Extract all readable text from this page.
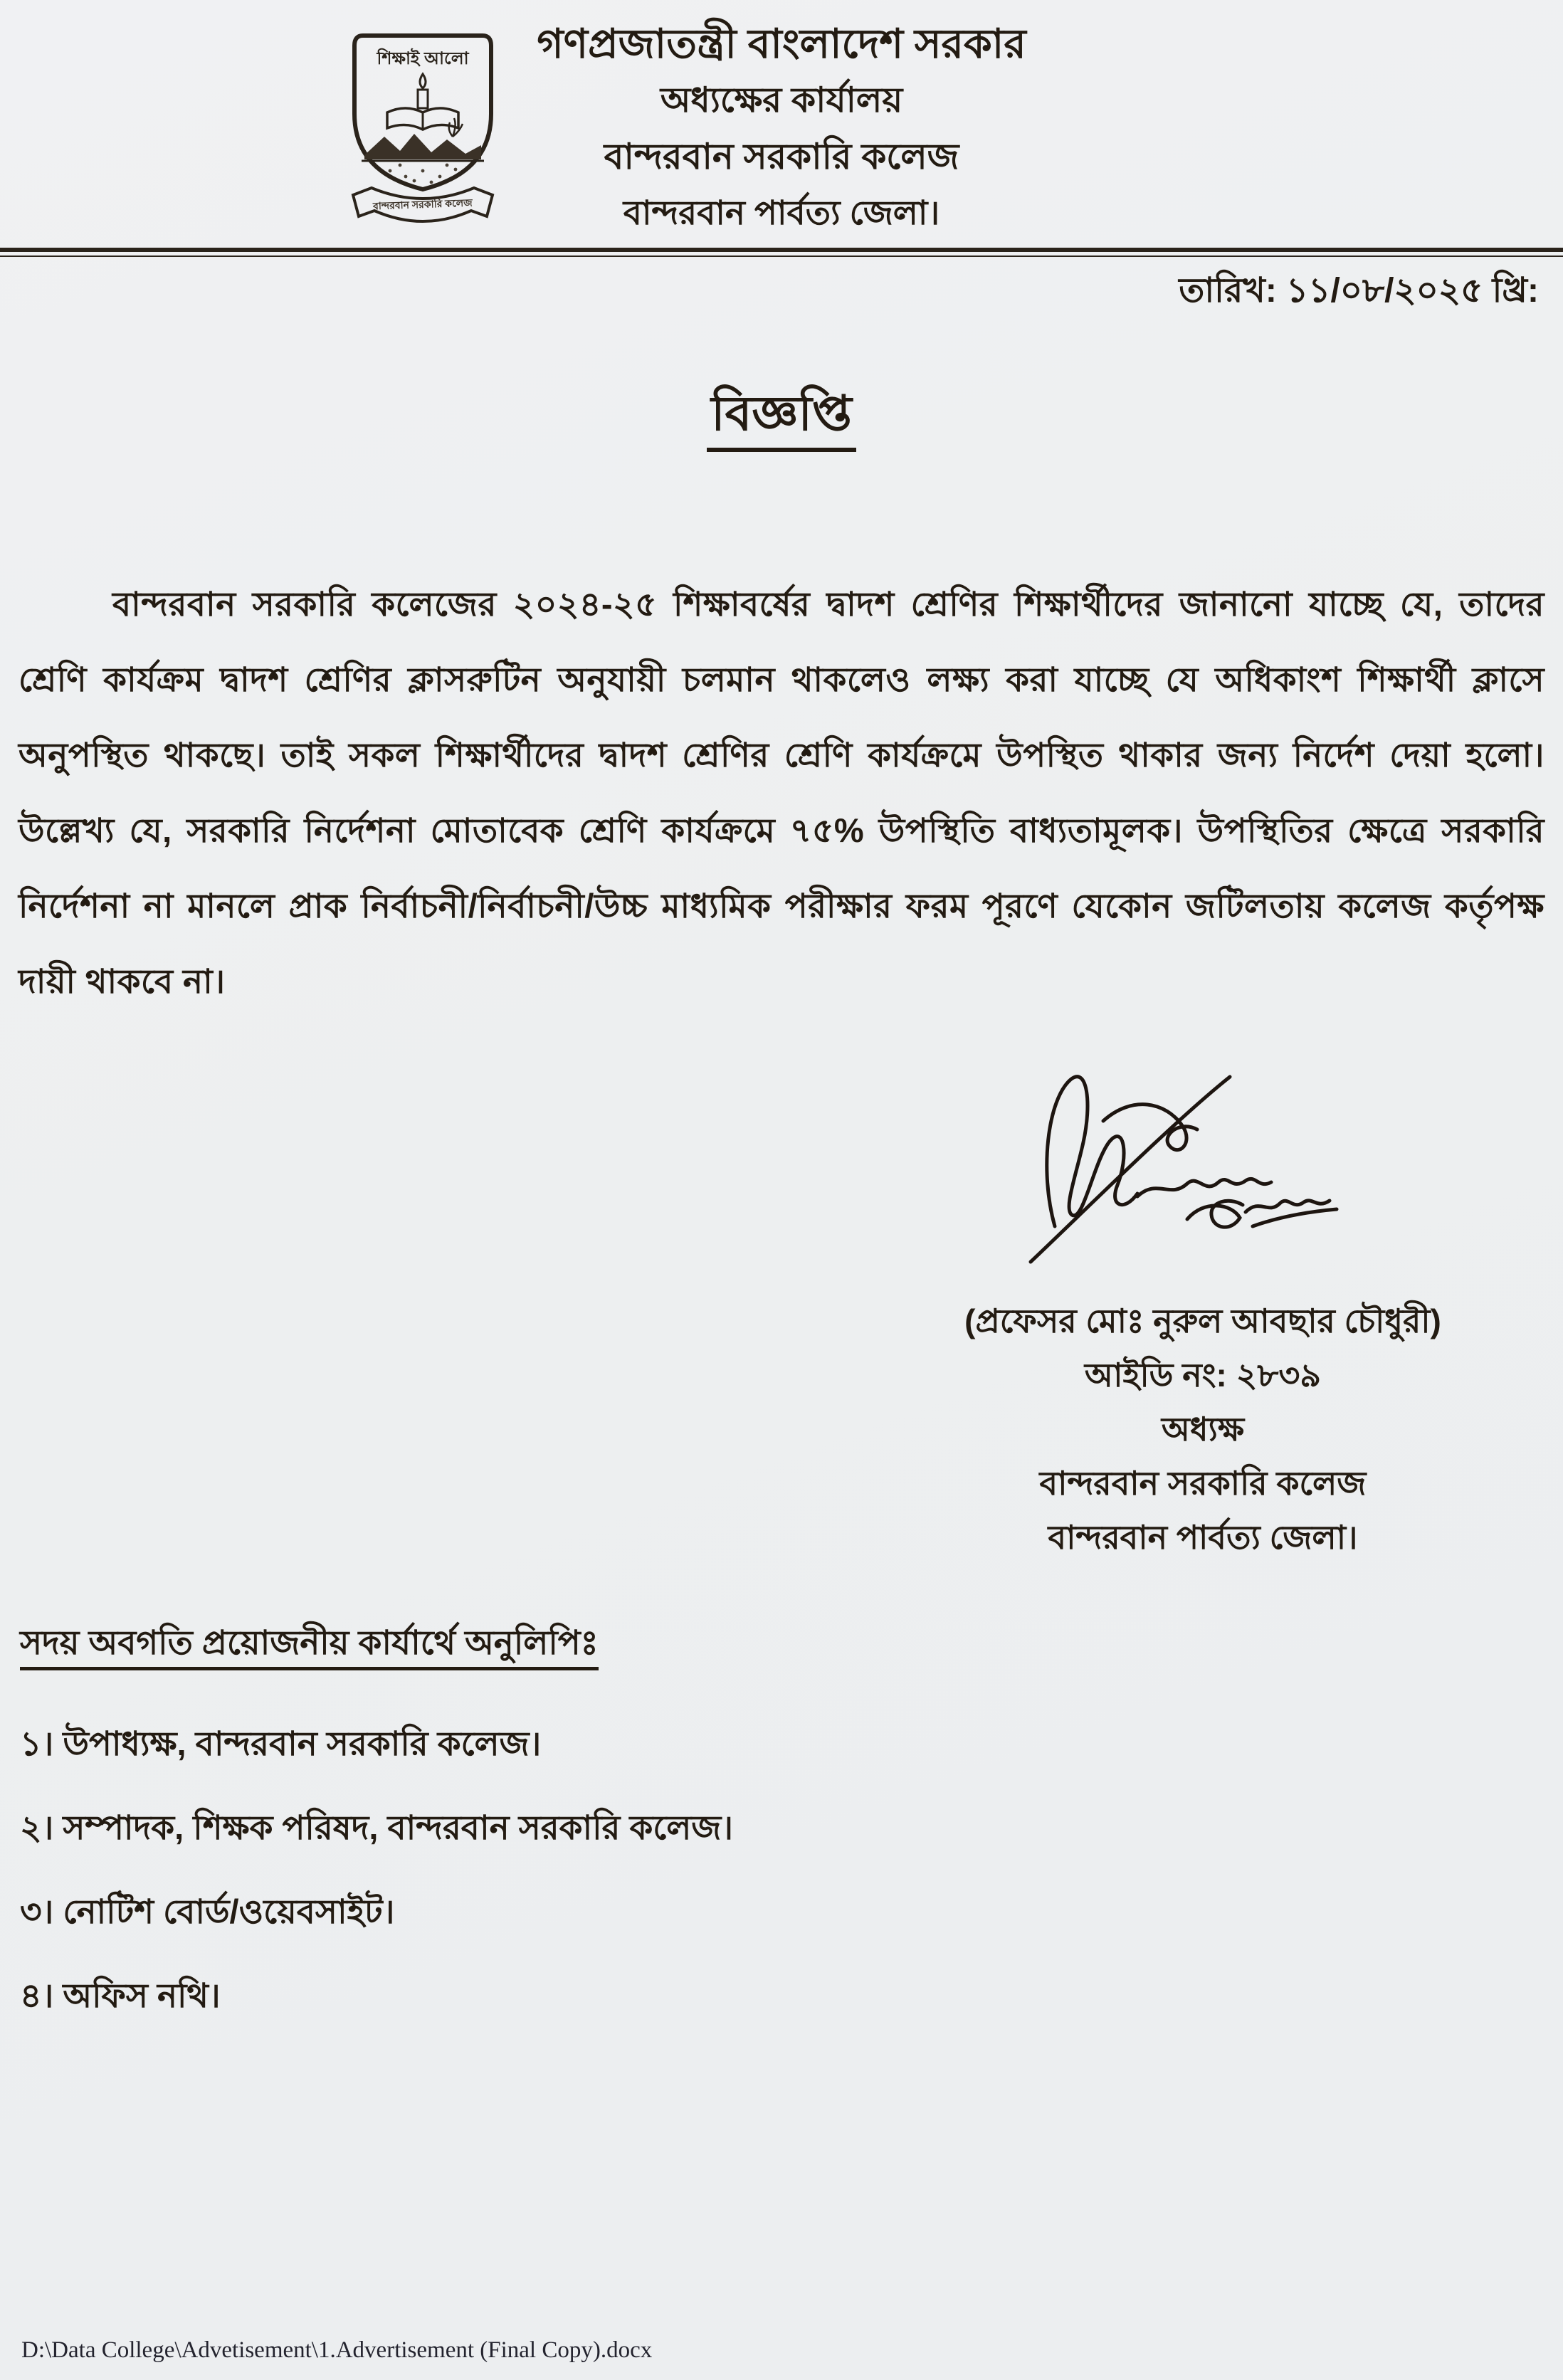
শিক্ষাই আলো
বান্দরবান সরকারি কলেজ
গণপ্রজাতন্ত্রী বাংলাদেশ সরকার
অধ্যক্ষের কার্যালয়
বান্দরবান সরকারি কলেজ
বান্দরবান পার্বত্য জেলা।
তারিখ: ১১/০৮/২০২৫ খ্রি:
বিজ্ঞপ্তি

বান্দরবান সরকারি কলেজের ২০২৪-২৫ শিক্ষাবর্ষের দ্বাদশ শ্রেণির শিক্ষার্থীদের জানানো যাচ্ছে যে, তাদের শ্রেণি কার্যক্রম দ্বাদশ শ্রেণির ক্লাসরুটিন অনুযায়ী চলমান থাকলেও লক্ষ্য করা যাচ্ছে যে অধিকাংশ শিক্ষার্থী ক্লাসে অনুপস্থিত থাকছে। তাই সকল শিক্ষার্থীদের দ্বাদশ শ্রেণির শ্রেণি কার্যক্রমে উপস্থিত থাকার জন্য নির্দেশ দেয়া হলো। উল্লেখ্য যে, সরকারি নির্দেশনা মোতাবেক শ্রেণি কার্যক্রমে ৭৫% উপস্থিতি বাধ্যতামূলক। উপস্থিতির ক্ষেত্রে সরকারি নির্দেশনা না মানলে প্রাক নির্বাচনী/নির্বাচনী/উচ্চ মাধ্যমিক পরীক্ষার ফরম পূরণে যেকোন জটিলতায় কলেজ কর্তৃপক্ষ দায়ী থাকবে না।

(প্রফেসর মোঃ নুরুল আবছার চৌধুরী)
আইডি নং: ২৮৩৯
অধ্যক্ষ
বান্দরবান সরকারি কলেজ
বান্দরবান পার্বত্য জেলা।
সদয় অবগতি প্রয়োজনীয় কার্যার্থে অনুলিপিঃ
১। উপাধ্যক্ষ, বান্দরবান সরকারি কলেজ।
২। সম্পাদক, শিক্ষক পরিষদ, বান্দরবান সরকারি কলেজ।
৩। নোটিশ বোর্ড/ওয়েবসাইট।
৪। অফিস নথি।
D:\Data College\Advetisement\1.Advertisement (Final Copy).docx
